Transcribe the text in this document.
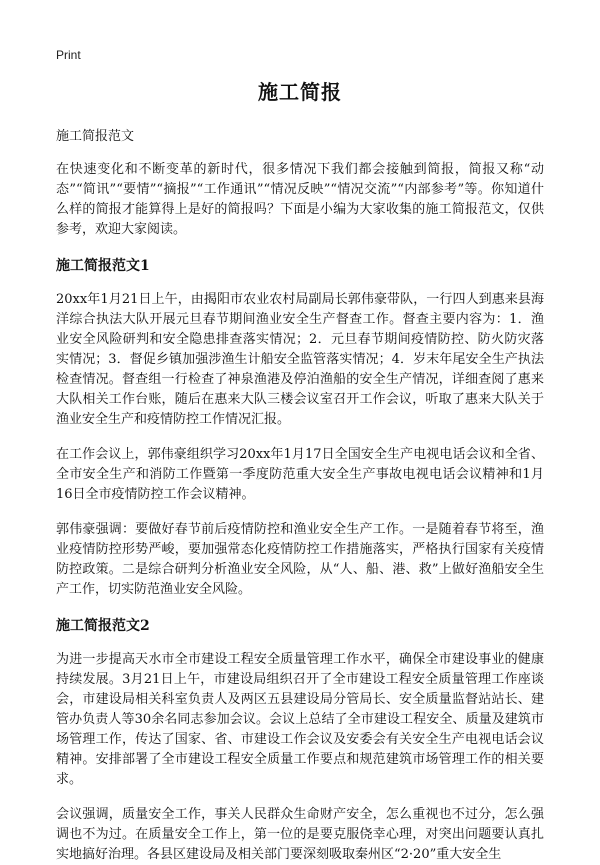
Print
施工简报
施工简报范文

在快速变化和不断变革的新时代，很多情况下我们都会接触到简报，简报又称“动态”“简讯”“要情”“摘报”“工作通讯”“情况反映”“情况交流”“内部参考”等。你知道什么样的简报才能算得上是好的简报吗？下面是小编为大家收集的施工简报范文，仅供参考，欢迎大家阅读。

施工简报范文1

20xx年1月21日上午，由揭阳市农业农村局副局长郭伟豪带队，一行四人到惠来县海洋综合执法大队开展元旦春节期间渔业安全生产督查工作。督查主要内容为：1．渔业安全风险研判和安全隐患排查落实情况；2．元旦春节期间疫情防控、防火防灾落实情况；3．督促乡镇加强涉渔生计船安全监管落实情况；4．岁末年尾安全生产执法检查情况。督查组一行检查了神泉渔港及停泊渔船的安全生产情况，详细查阅了惠来大队相关工作台账，随后在惠来大队三楼会议室召开工作会议，听取了惠来大队关于渔业安全生产和疫情防控工作情况汇报。

在工作会议上，郭伟豪组织学习20xx年1月17日全国安全生产电视电话会议和全省、全市安全生产和消防工作暨第一季度防范重大安全生产事故电视电话会议精神和1月16日全市疫情防控工作会议精神。

郭伟豪强调：要做好春节前后疫情防控和渔业安全生产工作。一是随着春节将至，渔业疫情防控形势严峻，要加强常态化疫情防控工作措施落实，严格执行国家有关疫情防控政策。二是综合研判分析渔业安全风险，从“人、船、港、救”上做好渔船安全生产工作，切实防范渔业安全风险。

施工简报范文2

为进一步提高天水市全市建设工程安全质量管理工作水平，确保全市建设事业的健康持续发展。3月21日上午，市建设局组织召开了全市建设工程安全质量管理工作座谈会，市建设局相关科室负责人及两区五县建设局分管局长、安全质量监督站站长、建管办负责人等30余名同志参加会议。会议上总结了全市建设工程安全、质量及建筑市场管理工作，传达了国家、省、市建设工作会议及安委会有关安全生产电视电话会议精神。安排部署了全市建设工程安全质量工作要点和规范建筑市场管理工作的相关要求。

会议强调，质量安全工作，事关人民群众生命财产安全，怎么重视也不过分，怎么强调也不为过。在质量安全工作上，第一位的是要克服侥幸心理，对突出问题要认真扎实地搞好治理。各县区建设局及相关部门要深刻吸取秦州区“2·20”重大安全生
